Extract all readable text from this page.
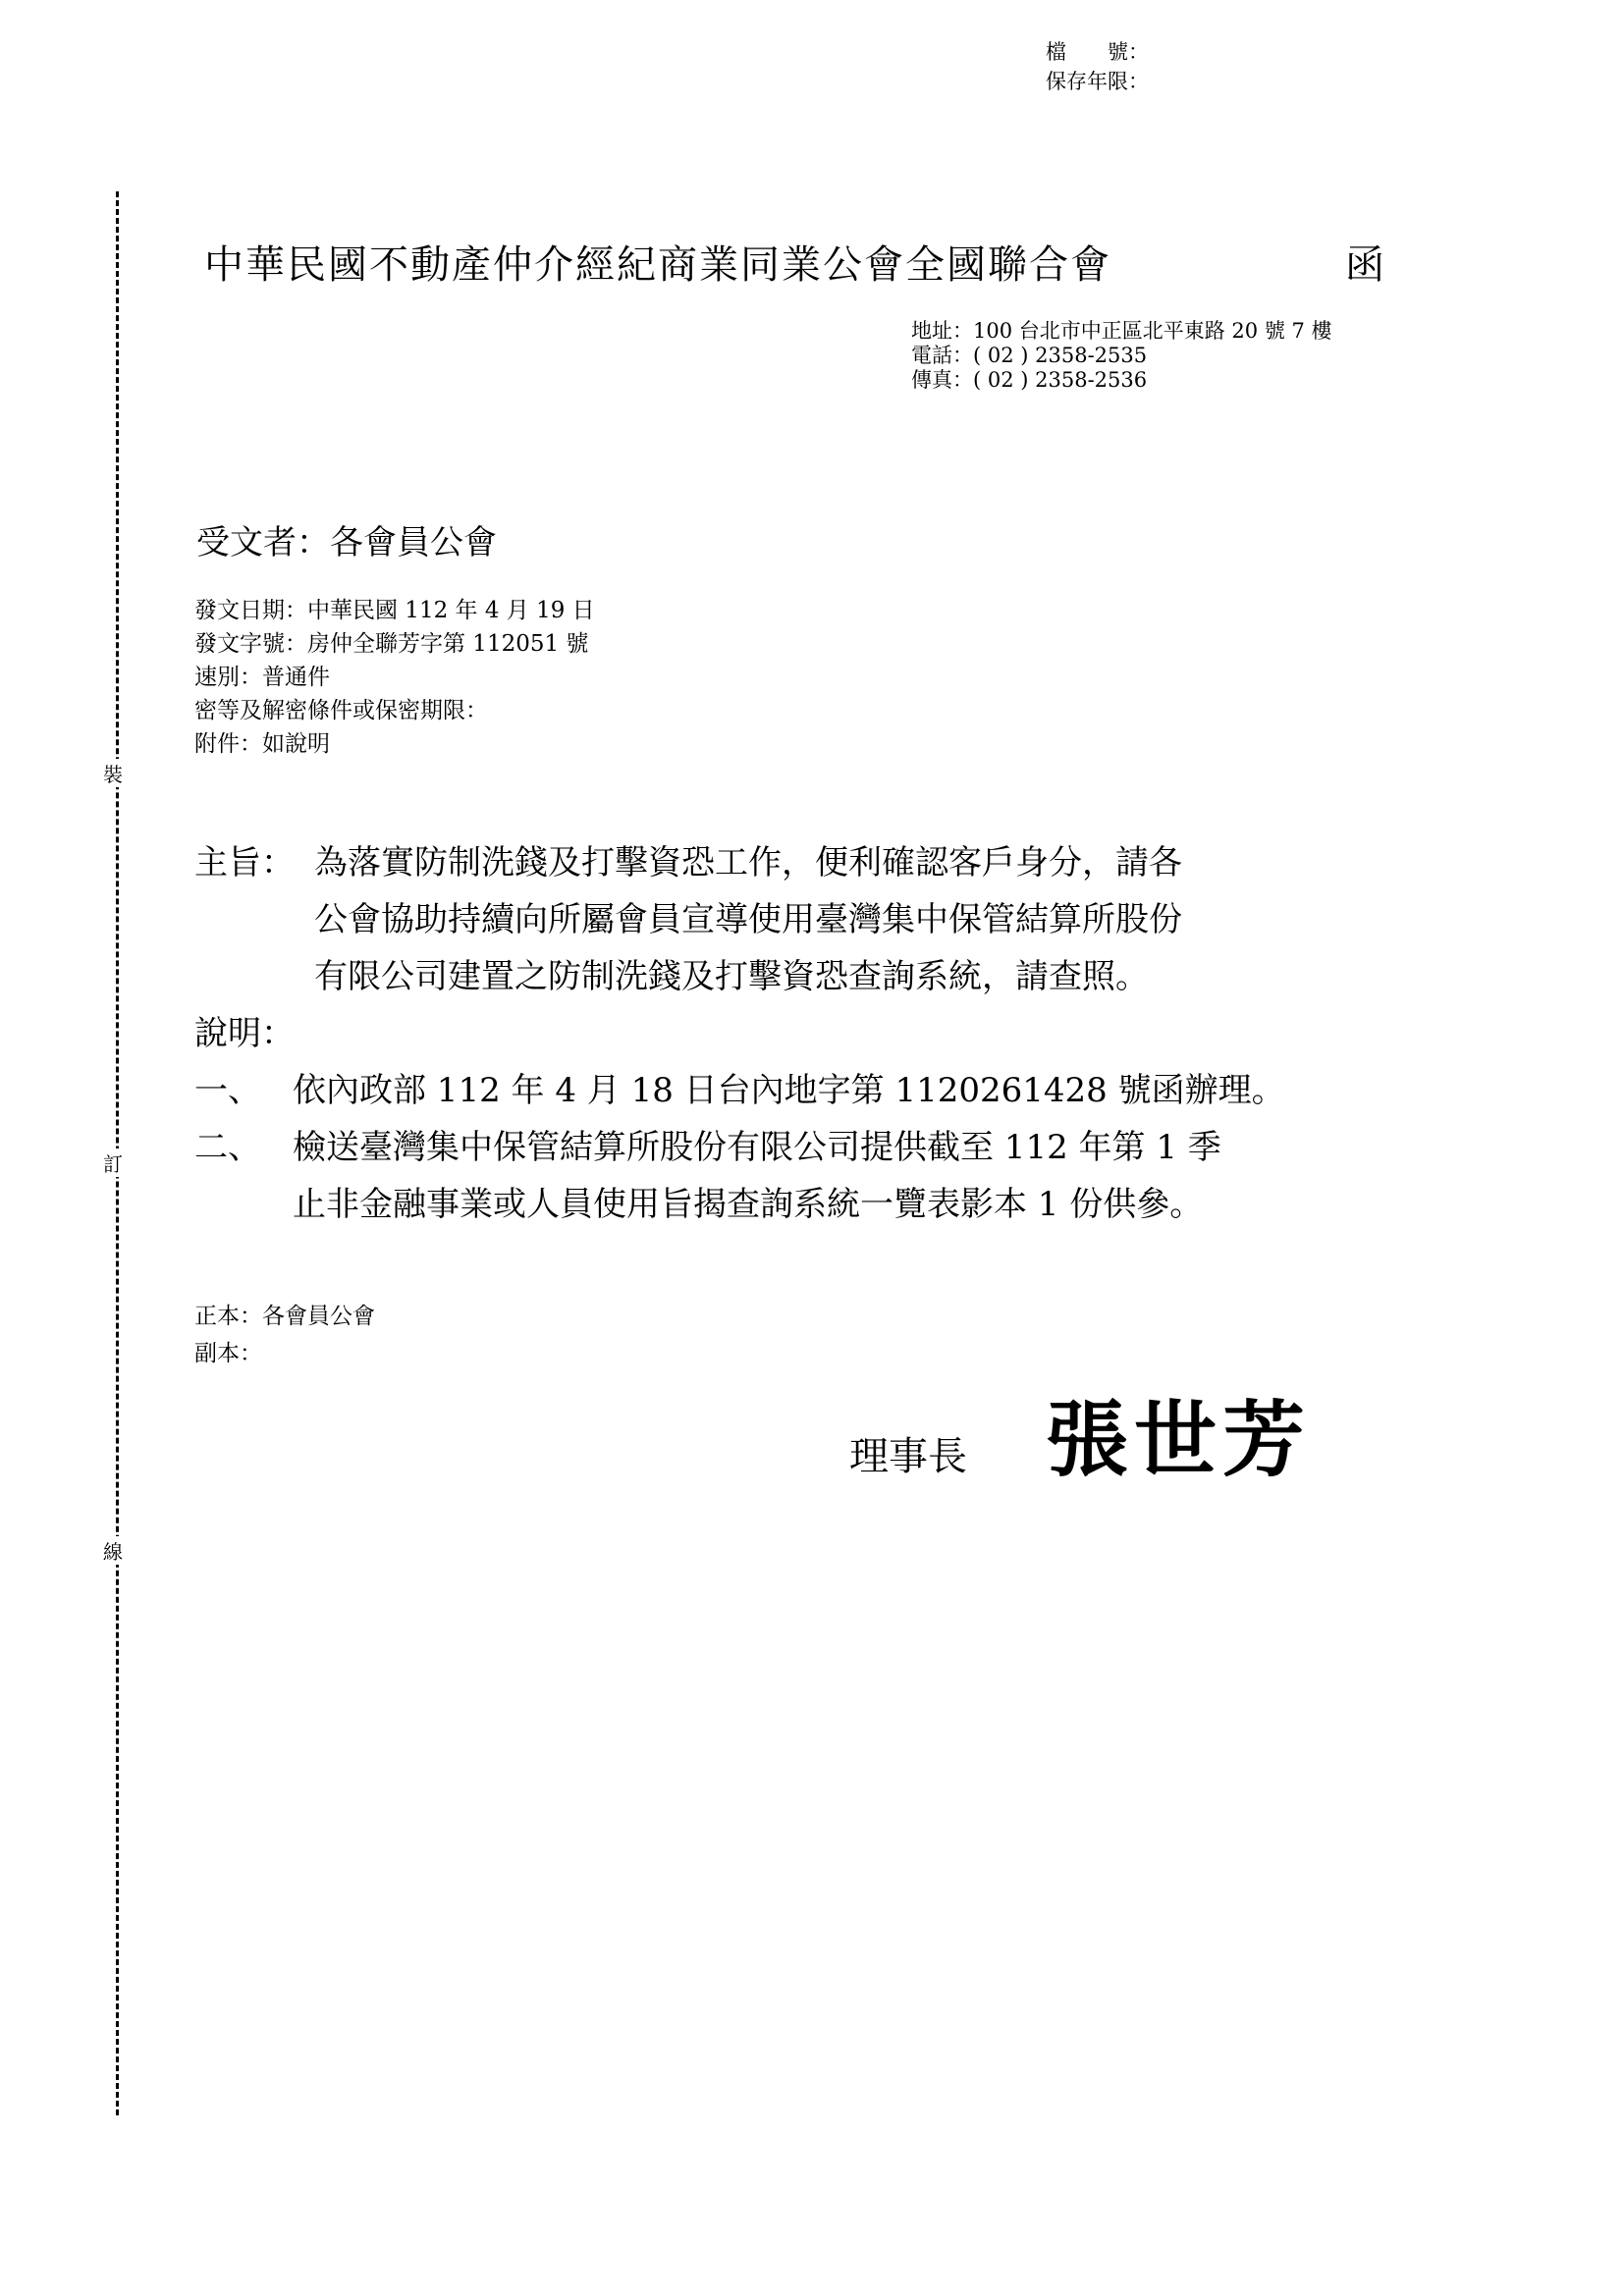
裝
訂
線
檔　　號：
保存年限：
中華民國不動產仲介經紀商業同業公會全國聯合會	函
地址：100 台北市中正區北平東路 20 號 7 樓
電話：( 02 ) 2358-2535
傳真：( 02 ) 2358-2536
受文者：各會員公會
發文日期：中華民國 112 年 4 月 19 日
發文字號：房仲全聯芳字第 112051 號
速別：普通件
密等及解密條件或保密期限：
附件：如說明
主旨： 為落實防制洗錢及打擊資恐工作，便利確認客戶身分，請各
公會協助持續向所屬會員宣導使用臺灣集中保管結算所股份
有限公司建置之防制洗錢及打擊資恐查詢系統，請查照。
說明：
一、 依內政部 112 年 4 月 18 日台內地字第 1120261428 號函辦理。
二、 檢送臺灣集中保管結算所股份有限公司提供截至 112 年第 1 季
止非金融事業或人員使用旨揭查詢系統一覽表影本 1 份供參。
正本：各會員公會
副本：
理事長 張世芳
